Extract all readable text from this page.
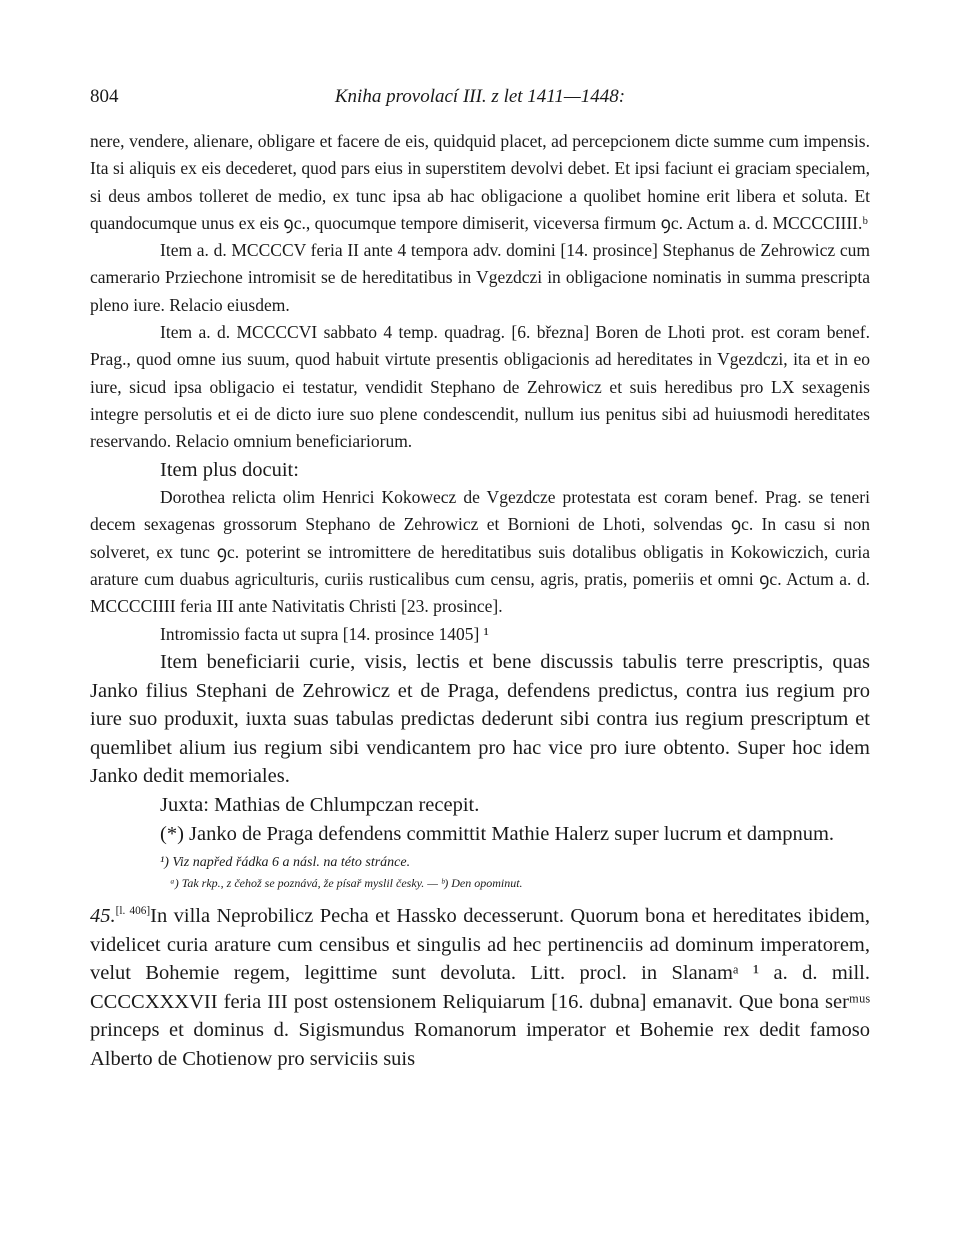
804	Kniha provolací III. z let 1411—1448:

nere, vendere, alienare, obligare et facere de eis, quidquid placet, ad percepcionem dicte summe cum impensis. Ita si aliquis ex eis decederet, quod pars eius in superstitem devolvi debet. Et ipsi faciunt ei graciam specialem, si deus ambos tolleret de medio, ex tunc ipsa ab hac obligacione a quolibet homine erit libera et soluta. Et quandocumque unus ex eis ꝯc., quocumque tempore dimiserit, viceversa firmum ꝯc. Actum a. d. MCCCCIIII.ᵇ

Item a. d. MCCCCV feria II ante 4 tempora adv. domini [14. prosince] Stephanus de Zehrowicz cum camerario Prziechone intromisit se de hereditatibus in Vgezdczi in obligacione nominatis in summa prescripta pleno iure. Relacio eiusdem.

Item a. d. MCCCCVI sabbato 4 temp. quadrag. [6. března] Boren de Lhoti prot. est coram benef. Prag., quod omne ius suum, quod habuit virtute presentis obligacionis ad hereditates in Vgezdczi, ita et in eo iure, sicud ipsa obligacio ei testatur, vendidit Stephano de Zehrowicz et suis heredibus pro LX sexagenis integre persolutis et ei de dicto iure suo plene condescendit, nullum ius penitus sibi ad huiusmodi hereditates reservando. Relacio omnium beneficiariorum.

Item plus docuit:

Dorothea relicta olim Henrici Kokowecz de Vgezdcze protestata est coram benef. Prag. se teneri decem sexagenas grossorum Stephano de Zehrowicz et Bornioni de Lhoti, solvendas ꝯc. In casu si non solveret, ex tunc ꝯc. poterint se intromittere de hereditatibus suis dotalibus obligatis in Kokowiczich, curia arature cum duabus agriculturis, curiis rusticalibus cum censu, agris, pratis, pomeriis et omni ꝯc. Actum a. d. MCCCCIIII feria III ante Nativitatis Christi [23. prosince].

Intromissio facta ut supra [14. prosince 1405] ¹

Item beneficiarii curie, visis, lectis et bene discussis tabulis terre prescriptis, quas Janko filius Stephani de Zehrowicz et de Praga, defendens predictus, contra ius regium pro iure suo produxit, iuxta suas tabulas predictas dederunt sibi contra ius regium prescriptum et quemlibet alium ius regium sibi vendicantem pro hac vice pro iure obtento. Super hoc idem Janko dedit memoriales.

Juxta: Mathias de Chlumpczan recepit.

(*) Janko de Praga defendens committit Mathie Halerz super lucrum et dampnum.

¹) Viz napřed řádka 6 a násl. na této stránce.

ᵃ) Tak rkp., z čehož se poznává, že písař myslil česky. — ᵇ) Den opominut.

45.[l. 406]In villa Neprobilicz Pecha et Hassko decesserunt. Quorum bona et hereditates ibidem, videlicet curia arature cum censibus et singulis ad hec pertinenciis ad dominum imperatorem, velut Bohemie regem, legittime sunt devoluta. Litt. procl. in Slanamᵃ ¹ a. d. mill. CCCCXXXVII feria III post ostensionem Reliquiarum [16. dubna] emanavit. Que bona serᵐᵘˢ princeps et dominus d. Sigismundus Romanorum imperator et Bohemie rex dedit famoso Alberto de Chotienow pro serviciis suis
